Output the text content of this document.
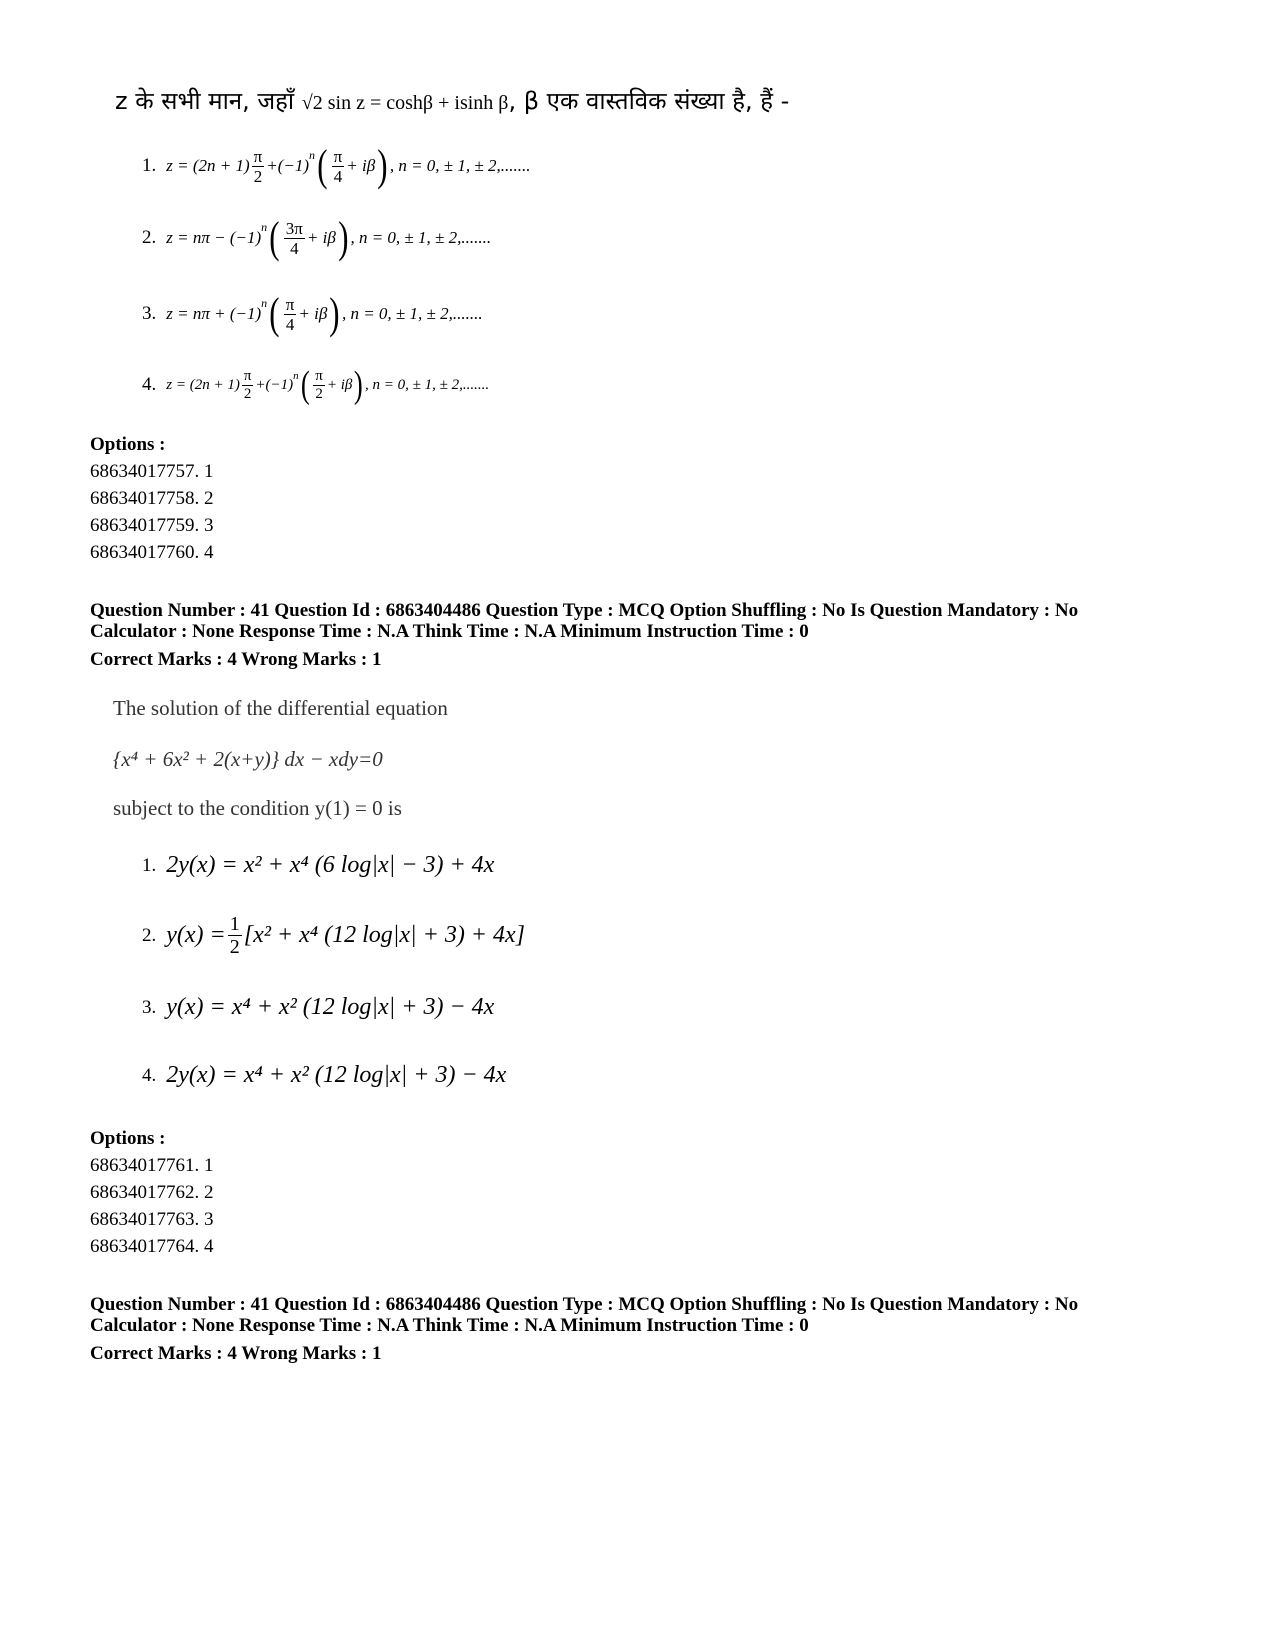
z के सभी मान, जहाँ √2 sin z = coshβ + isinh β, β एक वास्तविक संख्या है, हैं -
1. $z = (2n + 1) \frac{\pi}{2} +(-1)$
$^n$ ( $\frac{\pi}{4} + i\beta$ ) , n = 0, ± 1, ± 2,.......
2. z = nπ − (−1)
$^n$ ( $\frac{3\pi}{4} + i\beta$ ) , n = 0, ± 1, ± 2,.......
3. z = nπ + (−1)
$^n$ ( $\frac{\pi}{4} + i\beta$ ) , n = 0, ± 1, ± 2,.......
4. $z = (2n + 1) \frac{\pi}{2} +(-1)$
$^n$ ( $\frac{\pi}{2} + i\beta$ ) , n = 0, ± 1, ± 2,.......
Options :
68634017757. 1
68634017758. 2
68634017759. 3
68634017760. 4
Question Number : 41 Question Id : 6863404486 Question Type : MCQ Option Shuffling : No Is Question Mandatory : No
Calculator : None Response Time : N.A Think Time : N.A Minimum Instruction Time : 0
Correct Marks : 4 Wrong Marks : 1
The solution of the differential equation
{x⁴ + 6x² + 2(x+y)} dx − xdy=0
subject to the condition y(1) = 0 is
1. 2y(x) = x² + x⁴ (6 log|x| − 3) + 4x
2. $y(x) = \frac{1}{2} [x^2 + x^4$ (12 log|x| + 3) + 4x]
3. y(x) = x⁴ + x² (12 log|x| + 3) − 4x
4. 2y(x) = x⁴ + x² (12 log|x| + 3) − 4x
Options :
68634017761. 1
68634017762. 2
68634017763. 3
68634017764. 4
Question Number : 41 Question Id : 6863404486 Question Type : MCQ Option Shuffling : No Is Question Mandatory : No
Calculator : None Response Time : N.A Think Time : N.A Minimum Instruction Time : 0
Correct Marks : 4 Wrong Marks : 1
